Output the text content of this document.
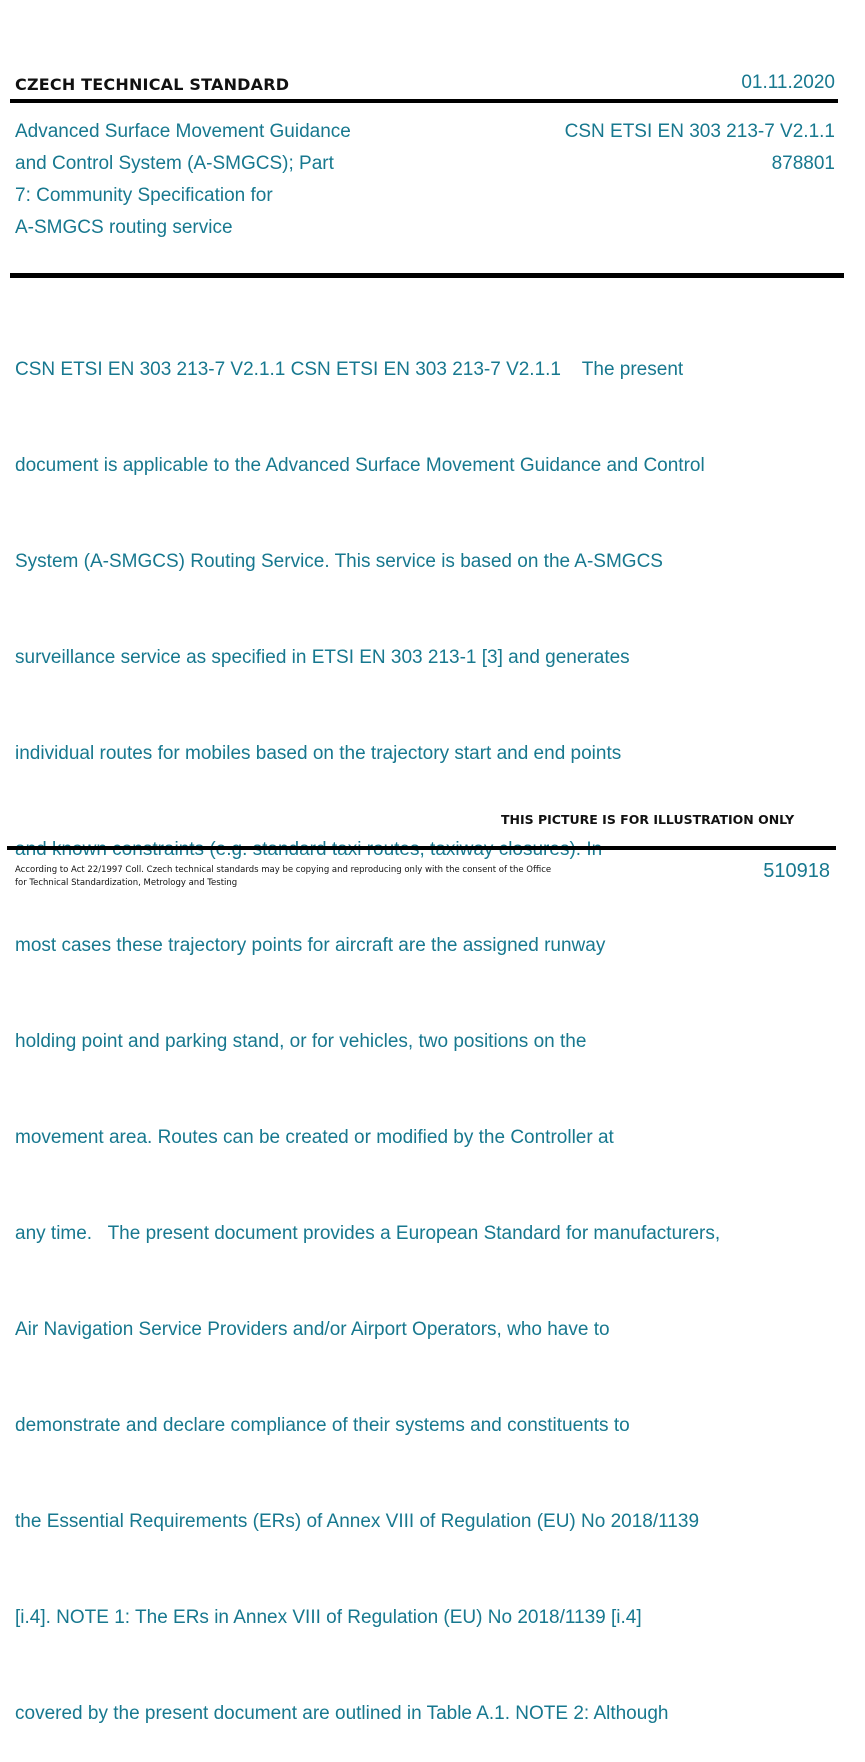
CZECH TECHNICAL STANDARD	01.11.2020
Advanced Surface Movement Guidance
and Control System (A-SMGCS); Part
7: Community Specification for
A-SMGCS routing service
CSN ETSI EN 303 213-7 V2.1.1
878801

CSN ETSI EN 303 213-7 V2.1.1 CSN ETSI EN 303 213-7 V2.1.1    The present

document is applicable to the Advanced Surface Movement Guidance and Control

System (A-SMGCS) Routing Service. This service is based on the A-SMGCS

surveillance service as specified in ETSI EN 303 213-1 [3] and generates

individual routes for mobiles based on the trajectory start and end points

most cases these trajectory points for aircraft are the assigned runway

holding point and parking stand, or for vehicles, two positions on the

movement area. Routes can be created or modified by the Controller at

any time.   The present document provides a European Standard for manufacturers,

Air Navigation Service Providers and/or Airport Operators, who have to

demonstrate and declare compliance of their systems and constituents to

the Essential Requirements (ERs) of Annex VIII of Regulation (EU) No 2018/1139

[i.4]. NOTE 1: The ERs in Annex VIII of Regulation (EU) No 2018/1139 [i.4]

covered by the present document are outlined in Table A.1. NOTE 2: Although

THIS PICTURE IS FOR ILLUSTRATION ONLY
According to Act 22/1997 Coll. Czech technical standards may be copying and reproducing only with the consent of the Office
for Technical Standardization, Metrology and Testing
510918
